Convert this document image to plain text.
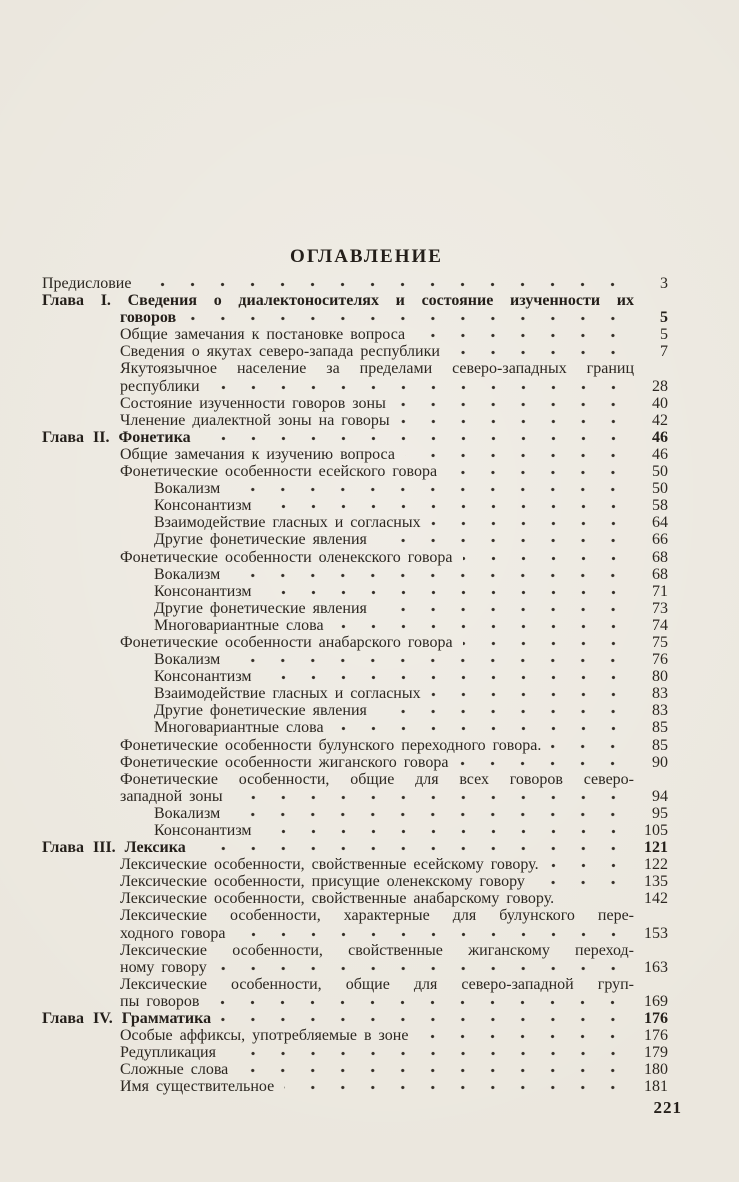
ОГЛАВЛЕНИЕ
Предисловие	3
Глава I. Сведения о диалектоносителях и состояние изученности их
говоров	5
Общие замечания к постановке вопроса	5
Сведения о якутах северо-запада республики	7
Якутоязычное население за пределами северо-западных границ
республики	28
Состояние изученности говоров зоны	40
Членение диалектной зоны на говоры	42
Глава II. Фонетика	46
Общие замечания к изучению вопроса	46
Фонетические особенности есейского говора	50
Вокализм	50
Консонантизм	58
Взаимодействие гласных и согласных	64
Другие фонетические явления	66
Фонетические особенности оленекского говора	68
Вокализм	68
Консонантизм	71
Другие фонетические явления	73
Многовариантные слова	74
Фонетические особенности анабарского говора	75
Вокализм	76
Консонантизм	80
Взаимодействие гласных и согласных	83
Другие фонетические явления	83
Многовариантные слова	85
Фонетические особенности булунского переходного говора.	85
Фонетические особенности жиганского говора	90
Фонетические особенности, общие для всех говоров северо-
западной зоны	94
Вокализм	95
Консонантизм	105
Глава III. Лексика	121
Лексические особенности, свойственные есейскому говору.	122
Лексические особенности, присущие оленекскому говору	135
Лексические особенности, свойственные анабарскому говору.	142
Лексические особенности, характерные для булунского пере-
ходного говора	153
Лексические особенности, свойственные жиганскому переход-
ному говору	163
Лексические особенности, общие для северо-западной груп-
пы говоров	169
Глава IV. Грамматика	176
Особые аффиксы, употребляемые в зоне	176
Редупликация	179
Сложные слова	180
Имя существительное	181
221
